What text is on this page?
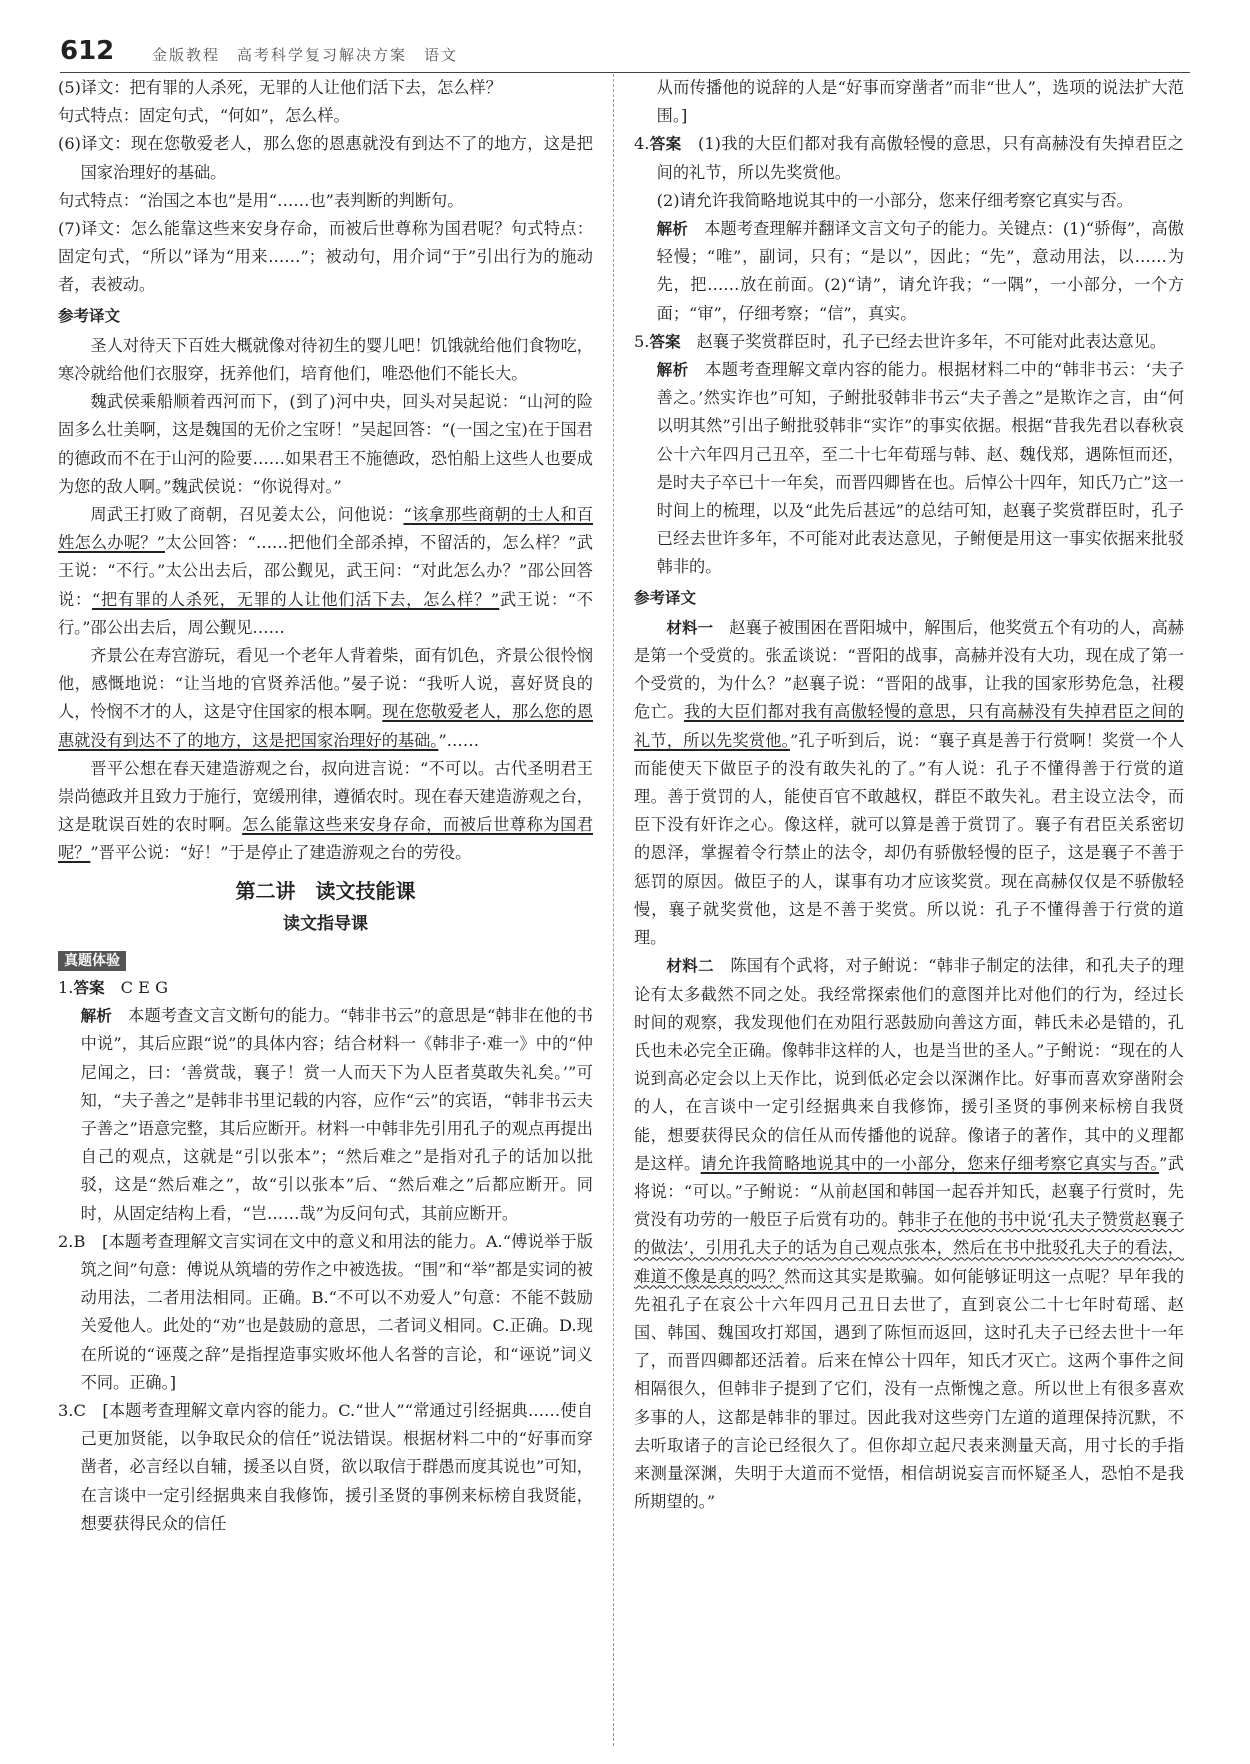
612	金版教程　高考科学复习解决方案　语文

(5)译文：把有罪的人杀死，无罪的人让他们活下去，怎么样？

句式特点：固定句式，“何如”，怎么样。

(6)译文：现在您敬爱老人，那么您的恩惠就没有到达不了的地方，这是把国家治理好的基础。

句式特点：“治国之本也”是用“……也”表判断的判断句。

(7)译文：怎么能靠这些来安身存命，而被后世尊称为国君呢？句式特点：固定句式，“所以”译为“用来……”；被动句，用介词“于”引出行为的施动者，表被动。

参考译文

圣人对待天下百姓大概就像对待初生的婴儿吧！饥饿就给他们食物吃，寒冷就给他们衣服穿，抚养他们，培育他们，唯恐他们不能长大。

魏武侯乘船顺着西河而下，(到了)河中央，回头对吴起说：“山河的险固多么壮美啊，这是魏国的无价之宝呀！”吴起回答：“(一国之宝)在于国君的德政而不在于山河的险要……如果君王不施德政，恐怕船上这些人也要成为您的敌人啊。”魏武侯说：“你说得对。”

周武王打败了商朝，召见姜太公，问他说：“该拿那些商朝的士人和百姓怎么办呢？”太公回答：“……把他们全部杀掉，不留活的，怎么样？”武王说：“不行。”太公出去后，邵公觐见，武王问：“对此怎么办？”邵公回答说：“把有罪的人杀死，无罪的人让他们活下去，怎么样？”武王说：“不行。”邵公出去后，周公觐见……

齐景公在寿宫游玩，看见一个老年人背着柴，面有饥色，齐景公很怜悯他，感慨地说：“让当地的官贤养活他。”晏子说：“我听人说，喜好贤良的人，怜悯不才的人，这是守住国家的根本啊。现在您敬爱老人，那么您的恩惠就没有到达不了的地方，这是把国家治理好的基础。”……

晋平公想在春天建造游观之台，叔向进言说：“不可以。古代圣明君王崇尚德政并且致力于施行，宽缓刑律，遵循农时。现在春天建造游观之台，这是耽误百姓的农时啊。怎么能靠这些来安身存命，而被后世尊称为国君呢？”晋平公说：“好！”于是停止了建造游观之台的劳役。

第二讲　读文技能课

读文指导课

真题体验

1.答案　C E G

解析　本题考查文言文断句的能力。“韩非书云”的意思是“韩非在他的书中说”，其后应跟“说”的具体内容；结合材料一《韩非子·难一》中的“仲尼闻之，曰：‘善赏哉，襄子！赏一人而天下为人臣者莫敢失礼矣。’”可知，“夫子善之”是韩非书里记载的内容，应作“云”的宾语，“韩非书云夫子善之”语意完整，其后应断开。材料一中韩非先引用孔子的观点再提出自己的观点，这就是“引以张本”；“然后难之”是指对孔子的话加以批驳，这是“然后难之”，故“引以张本”后、“然后难之”后都应断开。同时，从固定结构上看，“岂……哉”为反问句式，其前应断开。

2.B　[本题考查理解文言实词在文中的意义和用法的能力。A.“傅说举于版筑之间”句意：傅说从筑墙的劳作之中被选拔。“围”和“举”都是实词的被动用法，二者用法相同。正确。B.“不可以不劝爱人”句意：不能不鼓励关爱他人。此处的“劝”也是鼓励的意思，二者词义相同。C.正确。D.现在所说的“诬蔑之辞”是指捏造事实败坏他人名誉的言论，和“诬说”词义不同。正确。]

3.C　[本题考查理解文章内容的能力。C.“世人”“常通过引经据典……使自己更加贤能，以争取民众的信任”说法错误。根据材料二中的“好事而穿凿者，必言经以自辅，援圣以自贤，欲以取信于群愚而度其说也”可知，在言谈中一定引经据典来自我修饰，援引圣贤的事例来标榜自我贤能，想要获得民众的信任

从而传播他的说辞的人是“好事而穿凿者”而非“世人”，选项的说法扩大范围。]

4.答案　(1)我的大臣们都对我有高傲轻慢的意思，只有高赫没有失掉君臣之间的礼节，所以先奖赏他。

(2)请允许我简略地说其中的一小部分，您来仔细考察它真实与否。

解析　本题考查理解并翻译文言文句子的能力。关键点：(1)“骄侮”，高傲轻慢；“唯”，副词，只有；“是以”，因此；“先”，意动用法，以……为先，把……放在前面。(2)“请”，请允许我；“一隅”，一小部分，一个方面；“审”，仔细考察；“信”，真实。

5.答案　赵襄子奖赏群臣时，孔子已经去世许多年，不可能对此表达意见。

解析　本题考查理解文章内容的能力。根据材料二中的“韩非书云：‘夫子善之。’然实诈也”可知，子鲋批驳韩非书云“夫子善之”是欺诈之言，由“何以明其然”引出子鲋批驳韩非“实诈”的事实依据。根据“昔我先君以春秋哀公十六年四月己丑卒，至二十七年荀瑶与韩、赵、魏伐郑，遇陈恒而还，是时夫子卒已十一年矣，而晋四卿皆在也。后悼公十四年，知氏乃亡”这一时间上的梳理，以及“此先后甚远”的总结可知，赵襄子奖赏群臣时，孔子已经去世许多年，不可能对此表达意见，子鲋便是用这一事实依据来批驳韩非的。

参考译文

材料一　赵襄子被围困在晋阳城中，解围后，他奖赏五个有功的人，高赫是第一个受赏的。张孟谈说：“晋阳的战事，高赫并没有大功，现在成了第一个受赏的，为什么？”赵襄子说：“晋阳的战事，让我的国家形势危急，社稷危亡。我的大臣们都对我有高傲轻慢的意思，只有高赫没有失掉君臣之间的礼节，所以先奖赏他。”孔子听到后，说：“襄子真是善于行赏啊！奖赏一个人而能使天下做臣子的没有敢失礼的了。”有人说：孔子不懂得善于行赏的道理。善于赏罚的人，能使百官不敢越权，群臣不敢失礼。君主设立法令，而臣下没有奸诈之心。像这样，就可以算是善于赏罚了。襄子有君臣关系密切的恩泽，掌握着令行禁止的法令，却仍有骄傲轻慢的臣子，这是襄子不善于惩罚的原因。做臣子的人，谋事有功才应该奖赏。现在高赫仅仅是不骄傲轻慢，襄子就奖赏他，这是不善于奖赏。所以说：孔子不懂得善于行赏的道理。

材料二　陈国有个武将，对子鲋说：“韩非子制定的法律，和孔夫子的理论有太多截然不同之处。我经常探索他们的意图并比对他们的行为，经过长时间的观察，我发现他们在劝阻行恶鼓励向善这方面，韩氏未必是错的，孔氏也未必完全正确。像韩非这样的人，也是当世的圣人。”子鲋说：“现在的人说到高必定会以上天作比，说到低必定会以深渊作比。好事而喜欢穿凿附会的人，在言谈中一定引经据典来自我修饰，援引圣贤的事例来标榜自我贤能，想要获得民众的信任从而传播他的说辞。像诸子的著作，其中的义理都是这样。请允许我简略地说其中的一小部分，您来仔细考察它真实与否。”武将说：“可以。”子鲋说：“从前赵国和韩国一起吞并知氏，赵襄子行赏时，先赏没有功劳的一般臣子后赏有功的。韩非子在他的书中说‘孔夫子赞赏赵襄子的做法’，引用孔夫子的话为自己观点张本，然后在书中批驳孔夫子的看法，难道不像是真的吗？然而这其实是欺骗。如何能够证明这一点呢？早年我的先祖孔子在哀公十六年四月己丑日去世了，直到哀公二十七年时荀瑶、赵国、韩国、魏国攻打郑国，遇到了陈恒而返回，这时孔夫子已经去世十一年了，而晋四卿都还活着。后来在悼公十四年，知氏才灭亡。这两个事件之间相隔很久，但韩非子提到了它们，没有一点惭愧之意。所以世上有很多喜欢多事的人，这都是韩非的罪过。因此我对这些旁门左道的道理保持沉默，不去听取诸子的言论已经很久了。但你却立起尺表来测量天高，用寸长的手指来测量深渊，失明于大道而不觉悟，相信胡说妄言而怀疑圣人，恐怕不是我所期望的。”
